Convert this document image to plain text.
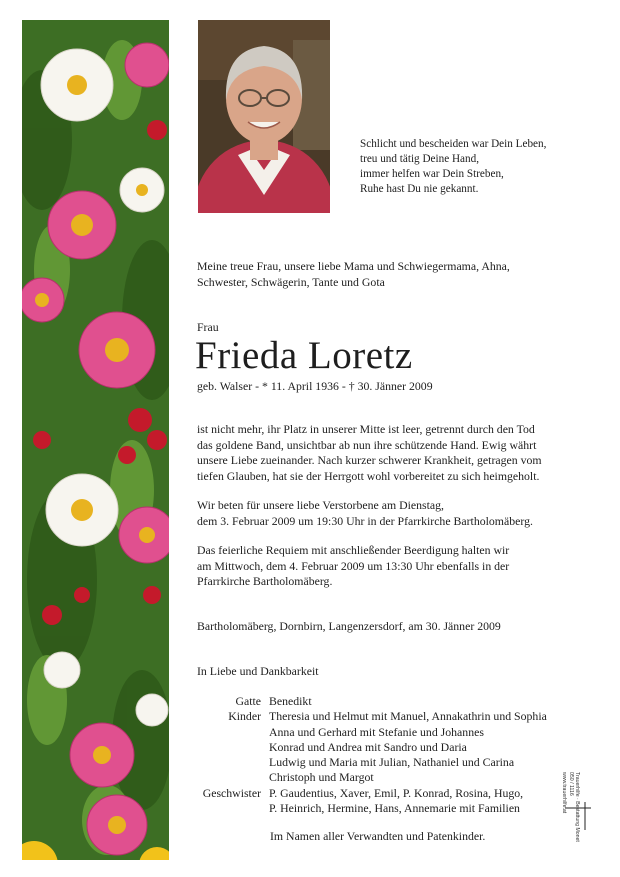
Schlicht und bescheiden war Dein Leben,
treu und tätig Deine Hand,
immer helfen war Dein Streben,
Ruhe hast Du nie gekannt.
Meine treue Frau, unsere liebe Mama und Schwiegermama, Ahna,
Schwester, Schwägerin, Tante und Gota
Frau
Frieda Loretz
geb. Walser - * 11. April 1936 - † 30. Jänner 2009
ist nicht mehr, ihr Platz in unserer Mitte ist leer, getrennt durch den Tod
das goldene Band, unsichtbar ab nun ihre schützende Hand. Ewig währt
unsere Liebe zueinander. Nach kurzer schwerer Krankheit, getragen vom
tiefen Glauben, hat sie der Herrgott wohl vorbereitet zu sich heimgeholt.
Wir beten für unsere liebe Verstorbene am Dienstag,
dem 3. Februar 2009 um 19:30 Uhr in der Pfarrkirche Bartholomäberg.
Das feierliche Requiem mit anschließender Beerdigung halten wir
am Mittwoch, dem 4. Februar 2009 um 13:30 Uhr ebenfalls in der
Pfarrkirche Bartholomäberg.
Bartholomäberg, Dornbirn, Langenzersdorf, am 30. Jänner 2009
In Liebe und Dankbarkeit
Gatte	Benedikt
Kinder	Theresia und Helmut mit Manuel, Annakathrin und Sophia
	Anna und Gerhard mit Stefanie und Johannes
	Konrad und Andrea mit Sandro und Daria
	Ludwig und Maria mit Julian, Nathaniel und Carina
	Christoph und Margot
Geschwister	P. Gaudentius, Xaver, Emil, P. Konrad, Rosina, Hugo,
	P. Heinrich, Hermine, Hans, Annemarie mit Familien
Im Namen aller Verwandten und Patenkinder.	Trauerhilfe · Bestattung Monet
050 / 1116
www.trauerhilfe.at
